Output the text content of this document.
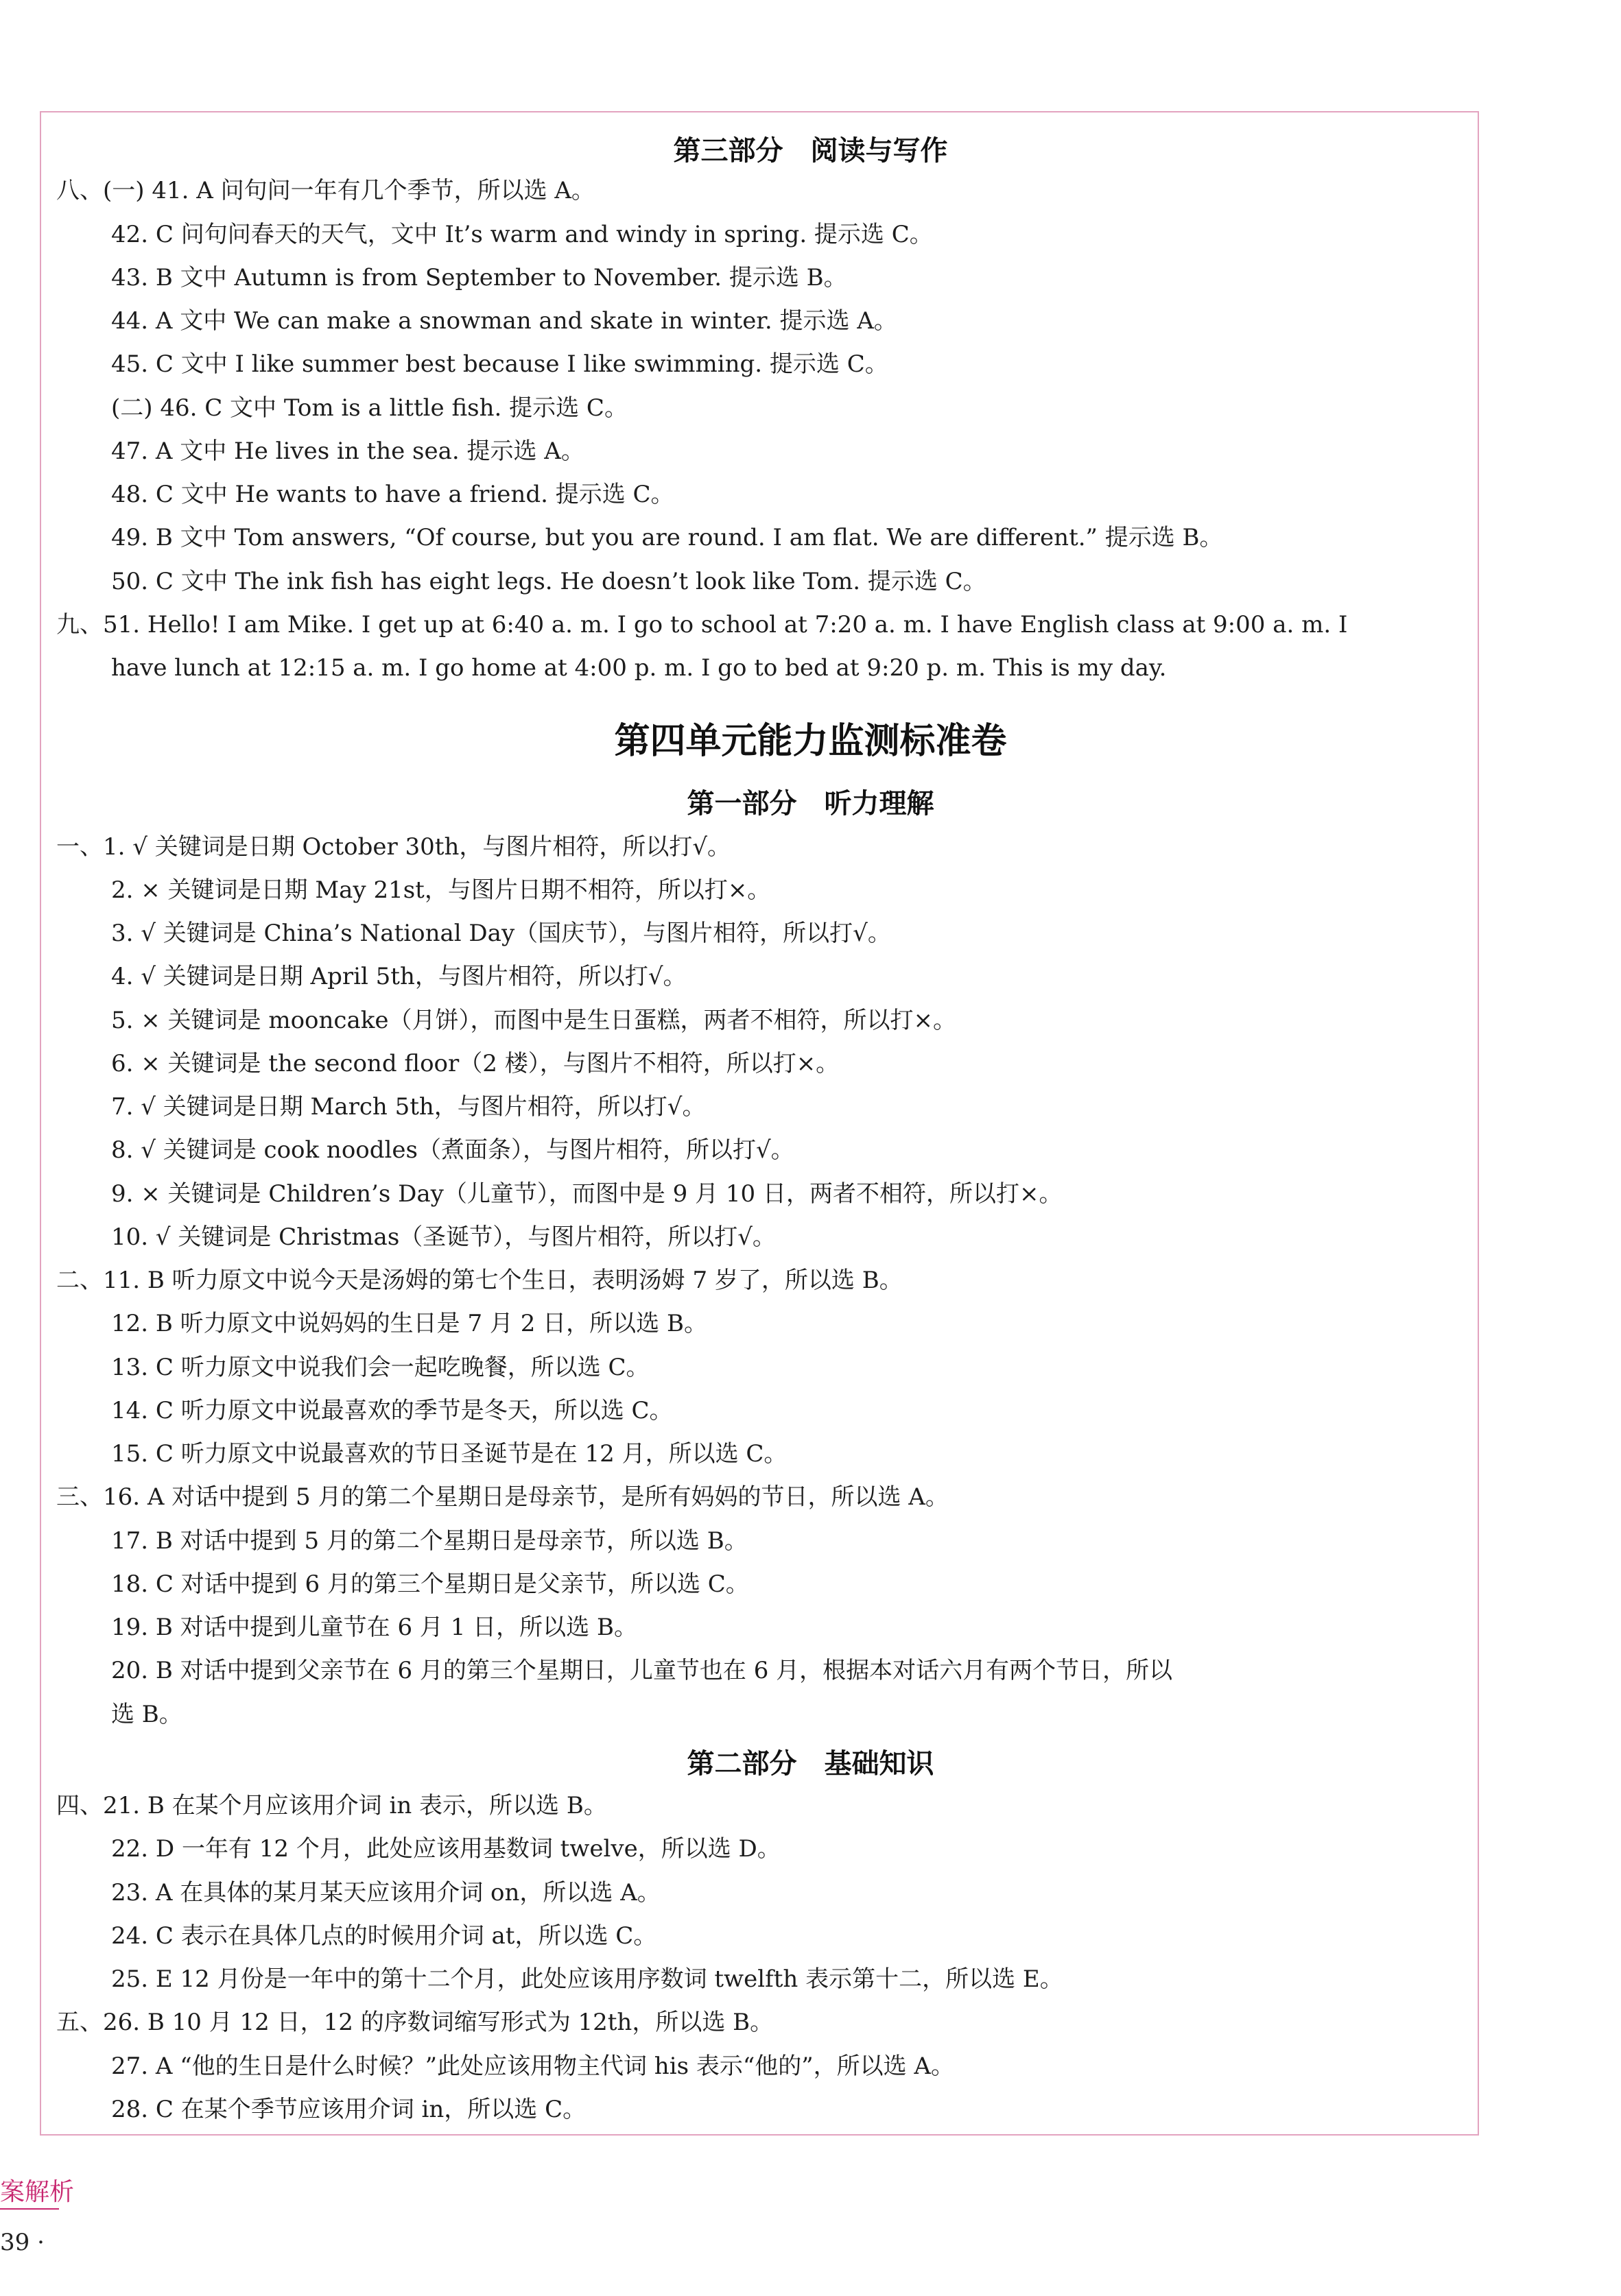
第三部分　阅读与写作
八、(一) 41. A 问句问一年有几个季节，所以选 A。
42. C 问句问春天的天气，文中 It’s warm and windy in spring. 提示选 C。
43. B 文中 Autumn is from September to November. 提示选 B。
44. A 文中 We can make a snowman and skate in winter. 提示选 A。
45. C 文中 I like summer best because I like swimming. 提示选 C。
(二) 46. C 文中 Tom is a little fish. 提示选 C。
47. A 文中 He lives in the sea. 提示选 A。
48. C 文中 He wants to have a friend. 提示选 C。
49. B 文中 Tom answers, “Of course, but you are round. I am flat. We are different.” 提示选 B。
50. C 文中 The ink fish has eight legs. He doesn’t look like Tom. 提示选 C。
九、51. Hello! I am Mike. I get up at 6:40 a. m. I go to school at 7:20 a. m. I have English class at 9:00 a. m. I
have lunch at 12:15 a. m. I go home at 4:00 p. m. I go to bed at 9:20 p. m. This is my day.
第四单元能力监测标准卷
第一部分　听力理解
一、1. √ 关键词是日期 October 30th，与图片相符，所以打√。
2. × 关键词是日期 May 21st，与图片日期不相符，所以打×。
3. √ 关键词是 China’s National Day（国庆节），与图片相符，所以打√。
4. √ 关键词是日期 April 5th，与图片相符，所以打√。
5. × 关键词是 mooncake（月饼），而图中是生日蛋糕，两者不相符，所以打×。
6. × 关键词是 the second floor（2 楼），与图片不相符，所以打×。
7. √ 关键词是日期 March 5th，与图片相符，所以打√。
8. √ 关键词是 cook noodles（煮面条），与图片相符，所以打√。
9. × 关键词是 Children’s Day（儿童节），而图中是 9 月 10 日，两者不相符，所以打×。
10. √ 关键词是 Christmas（圣诞节），与图片相符，所以打√。
二、11. B 听力原文中说今天是汤姆的第七个生日，表明汤姆 7 岁了，所以选 B。
12. B 听力原文中说妈妈的生日是 7 月 2 日，所以选 B。
13. C 听力原文中说我们会一起吃晚餐，所以选 C。
14. C 听力原文中说最喜欢的季节是冬天，所以选 C。
15. C 听力原文中说最喜欢的节日圣诞节是在 12 月，所以选 C。
三、16. A 对话中提到 5 月的第二个星期日是母亲节，是所有妈妈的节日，所以选 A。
17. B 对话中提到 5 月的第二个星期日是母亲节，所以选 B。
18. C 对话中提到 6 月的第三个星期日是父亲节，所以选 C。
19. B 对话中提到儿童节在 6 月 1 日，所以选 B。
20. B 对话中提到父亲节在 6 月的第三个星期日，儿童节也在 6 月，根据本对话六月有两个节日，所以
选 B。
第二部分　基础知识
四、21. B 在某个月应该用介词 in 表示，所以选 B。
22. D 一年有 12 个月，此处应该用基数词 twelve，所以选 D。
23. A 在具体的某月某天应该用介词 on，所以选 A。
24. C 表示在具体几点的时候用介词 at，所以选 C。
25. E 12 月份是一年中的第十二个月，此处应该用序数词 twelfth 表示第十二，所以选 E。
五、26. B 10 月 12 日，12 的序数词缩写形式为 12th，所以选 B。
27. A “他的生日是什么时候？”此处应该用物主代词 his 表示“他的”，所以选 A。
28. C 在某个季节应该用介词 in，所以选 C。
案解析
39 ·
